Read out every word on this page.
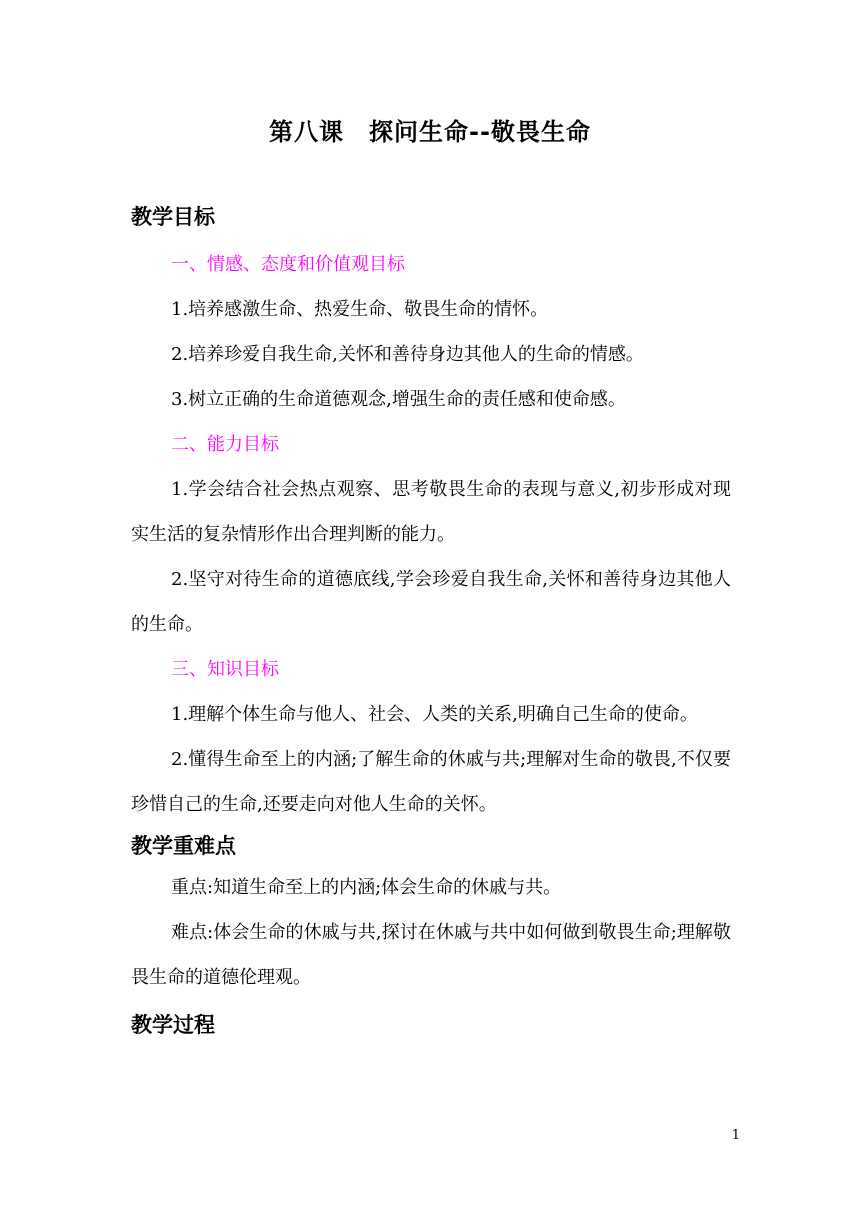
第八课　探问生命--敬畏生命
教学目标
一、情感、态度和价值观目标

1.培养感激生命、热爱生命、敬畏生命的情怀。

2.培养珍爱自我生命,关怀和善待身边其他人的生命的情感。

3.树立正确的生命道德观念,增强生命的责任感和使命感。

二、能力目标

1.学会结合社会热点观察、思考敬畏生命的表现与意义,初步形成对现实生活的复杂情形作出合理判断的能力。

2.坚守对待生命的道德底线,学会珍爱自我生命,关怀和善待身边其他人的生命。

三、知识目标

1.理解个体生命与他人、社会、人类的关系,明确自己生命的使命。

2.懂得生命至上的内涵;了解生命的休戚与共;理解对生命的敬畏,不仅要珍惜自己的生命,还要走向对他人生命的关怀。

教学重难点

重点:知道生命至上的内涵;体会生命的休戚与共。

难点:体会生命的休戚与共,探讨在休戚与共中如何做到敬畏生命;理解敬畏生命的道德伦理观。

教学过程
1
